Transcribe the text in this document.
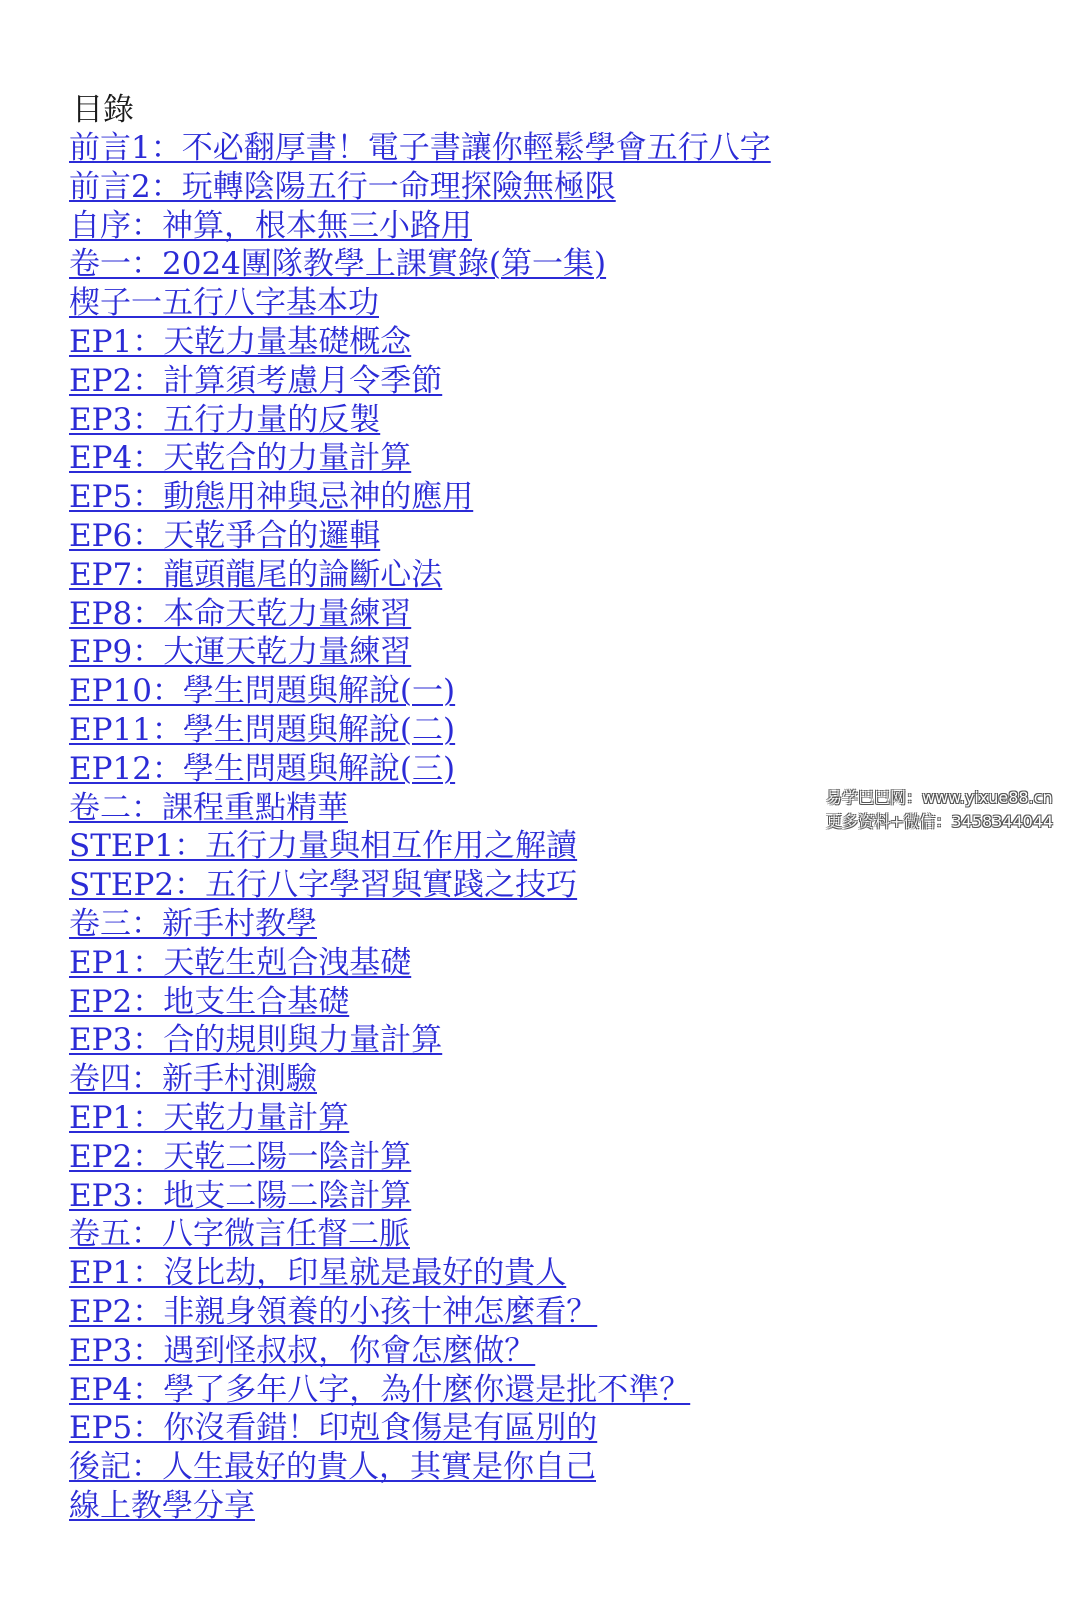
目錄
前言1：不必翻厚書！電子書讓你輕鬆學會五行八字
前言2：玩轉陰陽五行一命理探險無極限
自序：神算，根本無三小路用
卷一：2024團隊教學上課實錄(第一集)
楔子一五行八字基本功
EP1：天乾力量基礎概念
EP2：計算須考慮月令季節
EP3：五行力量的反製
EP4：天乾合的力量計算
EP5：動態用神與忌神的應用
EP6：天乾爭合的邏輯
EP7：龍頭龍尾的論斷心法
EP8：本命天乾力量練習
EP9：大運天乾力量練習
EP10：學生問題與解說(一)
EP11：學生問題與解說(二)
EP12：學生問題與解說(三)
卷二：課程重點精華
STEP1：五行力量與相互作用之解讀
STEP2：五行八字學習與實踐之技巧
卷三：新手村教學
EP1：天乾生剋合洩基礎
EP2：地支生合基礎
EP3：合的規則與力量計算
卷四：新手村測驗
EP1：天乾力量計算
EP2：天乾二陽一陰計算
EP3：地支二陽二陰計算
卷五：八字微言任督二脈
EP1：沒比劫，印星就是最好的貴人
EP2：非親身領養的小孩十神怎麼看？
EP3：遇到怪叔叔，你會怎麼做？
EP4：學了多年八字，為什麼你還是批不準？
EP5：你沒看錯！印剋食傷是有區別的
後記：人生最好的貴人，其實是你自己
線上教學分享
易学巴巴网：www.yixue88.cn
更多资料+微信：3458344044
